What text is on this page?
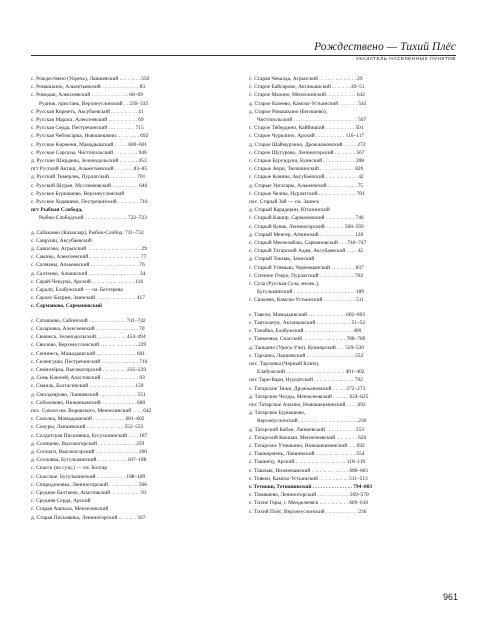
Рождествено — Тихий Плёс
УКАЗАТЕЛЬ НАСЕЛЕННЫХ ПУНКТОВ
с. Рождествено (Укречь), Лаишевский . . . . . . . . 550
с. Ромашкино, Альметьевский . . . . . . . . . . . . . . 83
с. Ромодан, Алексеевский . . . . . . . . . . . . . . 68–69
Рудник, пристань, Верхнеуслонский . . 230–335
с. Русская Кирметь, Аксубаевский . . . . . . . . . . 41
с. Русская Мараса, Алексеевский . . . . . . . . . . . 69
с. Русская Серда, Пестречинский . . . . . . . . . . 715
с. Русская Чебоксарка, Новошешмин. . . . . . . . . 692
с. Русские Кирмени, Мамадышский . . . . . 600–601
с. Русские Сарсазы, Чистопольский . . . . . . . . . 946
д. Русские Ширданы, Зеленодольский . . . . . . . 453
пгт Русский Акташ, Альметьевский . . . . . . . 83–85
д. Русский Тимерлек, Пурлатский . . . . . . . . . . 701
с. Русский Шуран, Муслюмовский . . . . . . . . . . 646
с. Русское Бурнашево, Верхнеуслонский
с. Русское Ходяшево, Пестречинский . . . . . . . . 716
пгт Рыбная Слобода,
Рыбно-Слободский . . . . . . . . . . . . . . . . 722–723
д. Сабакаево (Казаклар), Рыбно-Слобод. 731–732
с. Савруши, Аксубаевский
д. Сависово, Агрызский . . . . . . . . . . . . . . . . . . . . 29
с. Саконы, Алексеевский . . . . . . . . . . . . . . . . . . . 77
с. Салманы, Алькеевский . . . . . . . . . . . . . . . . . . 76
д. Салтенко, Алнашский . . . . . . . . . . . . . . . . . . . 34
с. Сарай-Чекурча, Арский . . . . . . . . . . . . . . . . 116
с. Саралп, Елабужский — см. Бехтерево
с. Сарлес-Багряж, Заинский . . . . . . . . . . . . . . . 417
с. Сарманово, Сармановский
с. Сатышево, Сабинский . . . . . . . . . . . . . . 741–742
с. Сахаровка, Алексеевский . . . . . . . . . . . . . . . . 70
с. Свияжск, Зеленодольский . . . . . . . . . . . 454–494
с. Свилово, Верхнеуслонский . . . . . . . . . . . . . . 229
с. Сенинесь, Мамадышский . . . . . . . . . . . . . . . 601
с. Селенгуши, Пестречинский . . . . . . . . . . . . . . 716
с. Семиозёрка, Высокогорский . . . . . . . . . 235–239
д. Семь Ключей, Апастовский . . . . . . . . . . . . . . 93
с. Смаиль, Балтасинский . . . . . . . . . . . . . . . . . 150
д. Смолдеярово, Лаишевский . . . . . . . . . . . . . . 551
с. Соболеково, Нижнекамский . . . . . . . . . . . . . 680
пос. Совхоз им. Воровского, Мензелинский . . . . 642
с. Соколка, Мамадышский . . . . . . . . . . . . 601–602
с. Сокуры, Лаишевский . . . . . . . . . . . . . . 552–553
с. Солдатская Письмянка, Бугульминский . . . . 187
д. Солнцево, Высокогорский . . . . . . . . . . . . . . 259
д. Сосмаги, Высокогорский . . . . . . . . . . . . . . . . 260
д. Сосновка, Бугульминский . . . . . . . . . . . 187–188
с. Спасск (по сущ.) — см. Болгар
с. Спасское, Бугульминский . . . . . . . . . . . 188–189
с. Спиридоновка, Лениногорский . . . . . . . . . . . 566
с. Средние Балтаево, Апастовский . . . . . . . . . . . 93
с. Средняя Серда, Арский
с. Старая Ашпала, Мензелинский
д. Старая Письмянка, Лениногорский . . . . . . . 567
с. Старая Чекалда, Агрызский . . . . . . . . . . . . . . 29
с. Старое Байсарово, Актанышский . . . . . . . 49–51
с. Старое Мазино, Мензелинский . . . . . . . . . . . 642
д. Старое Казеево, Камско-Устьинский . . . . . . . 541
д. Старое Ромашкино (Бегишево),
Чистопольский . . . . . . . . . . . . . . . . . . . . . . . . 567
с. Старое Тябердино, Кайбицкий . . . . . . . . . . . 501
с. Старое Чурилино, Арский . . . . . . . . . . . 116–117
д. Старое Шаймурзино, Дрожжановский . . . . . 272
с. Старое Шугурово, Лениногорский . . . . . . . . 567
с. Старые Бурундуки, Буинский . . . . . . . . . . . . 208
с. Старые Зюри, Тюлячинский . . . . . . . . . . . . . 826
с. Старые Кияязы, Аксубаевский . . . . . . . . . . . . 42
д. Старые Ургагары, Алькеевский . . . . . . . . . . . 75
с. Старые Челны, Нурлатский . . . . . . . . . . . . . . 701
пос. Старый Зай — см. Заинск
д. Старый Карадерин, Ютазинский
с. Старый Кашир, Сармановский . . . . . . . . . . . 746
с. Старый Кувак, Лениногорский . . . . . . . 568–569
д. Старый Менгер, Атнинский . . . . . . . . . . . . . 128
с. Старый Мензелябаш, Сармановский . . . 746–747
с. Старый Татарский Адам, Аксубаевский . . . . 42
д. Старый Токмак, Заинский
с. Старый Утямыш, Черемшанский . . . . . . . . . 837
с. Степное Озеро, Пурлатский . . . . . . . . . . . . . 702
с. Сула (Русская Сула, мелек.),
Бугульминский . . . . . . . . . . . . . . . . . . . . . . . 189
с. Сюкеево, Камско-Устьинский . . . . . . . . . . . . 511
с. Тавели, Мамадышский . . . . . . . . . . . . . . 602–603
с. Таяталачук, Актанышский . . . . . . . . . . . . . 51–52
с. Танайка, Елабужский . . . . . . . . . . . . . . . . . . 400
с. Танкеевка, Спасский . . . . . . . . . . . . . . . . 788–789
д. Таньшно (Урись-Учи), Кукморский . . . 529–530
с. Тарханы, Лаишевский . . . . . . . . . . . . . . . . . . 553
пос. Тарловка (Черный Ключ),
Елабужский . . . . . . . . . . . . . . . . . . . . . . 401–402
пос Тарн-Варн, Нурлатский . . . . . . . . . . . . . . . 702
с. Татарские Тюки, Дрожжановский . . . . . 272–273
д. Татарские Челды, Мензелеевский . . . . . . 624–625
пос Татарское Алкино, Новошешминский . . . . 692
д. Татарское Бурнашево,
Верхнеуслонский . . . . . . . . . . . . . . . . . . . . . . 236
д. Татарский Кабан, Лаишевский . . . . . . . . . . . 553
с. Татарский Кокшан, Мензелеевский . . . . . . . . 626
с. Татарское Утяшкино, Новошешминский . . . 692
с. Ташкирмень, Лаишевский . . . . . . . . . . . . . . . 554
с. Ташкичу, Арский . . . . . . . . . . . . . . . . . . . 118–119
с. Ташлык, Нижнекамский . . . . . . . . . . . . . . 680–681
с. Тевкеи, Камско-Устьинский . . . . . . . . . . . 511–513
г. Тетюши, Тетюшинский . . . . . . . . . . . . . . . 794–803
с. Тимяшево, Лениногорский . . . . . . . . . . . . 569–570
с. Тихие Горы, г. Менделеевск . . . . . . . . . . . 609–610
с. Тихий Плёс, Верхнеуслонский . . . . . . . . . . . . 236
961
